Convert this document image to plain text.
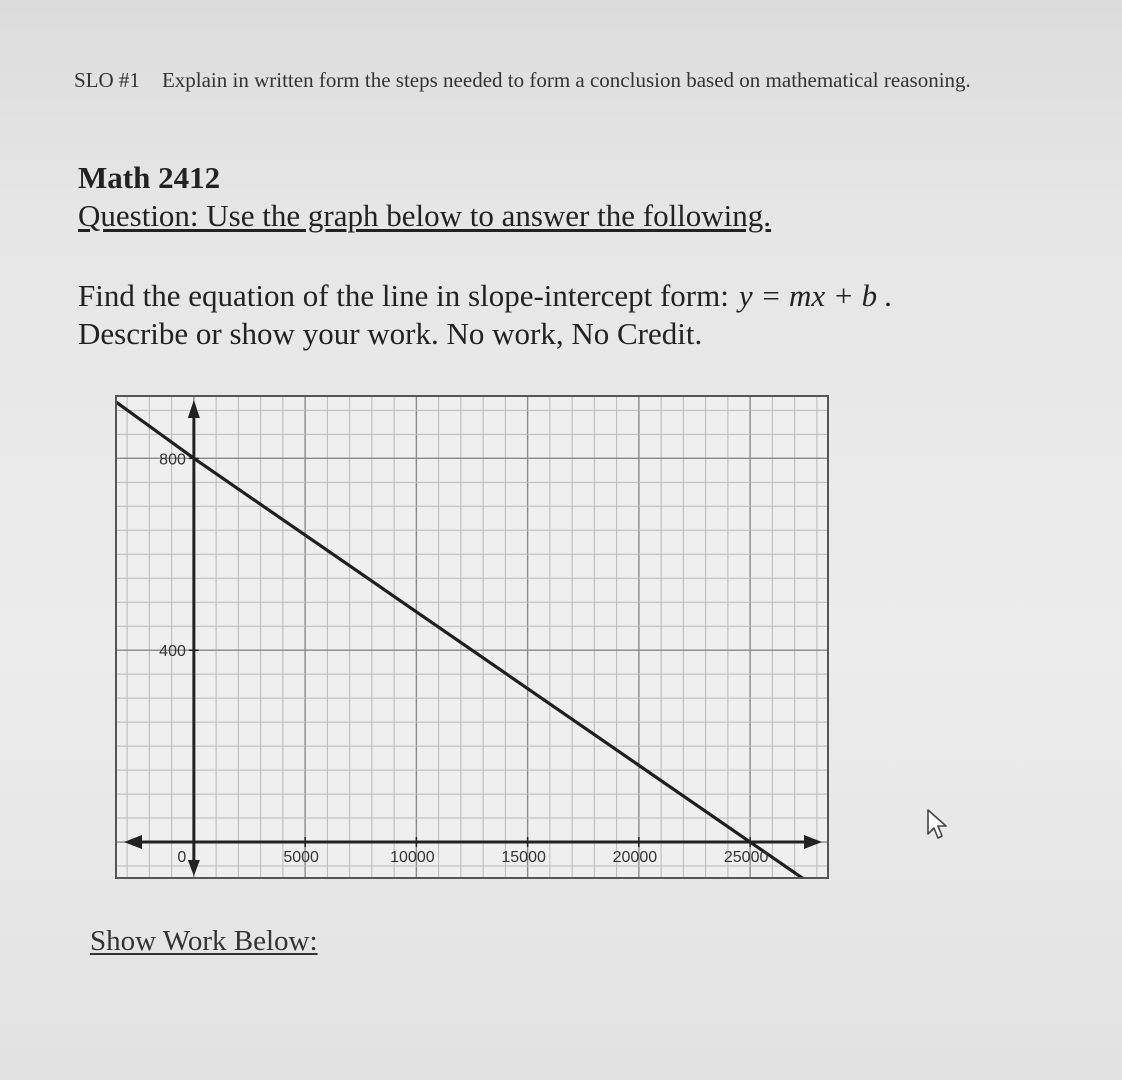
SLO #1 Explain in written form the steps needed to form a conclusion based on mathematical reasoning.
Math 2412
Question: Use the graph below to answer the following.
Find the equation of the line in slope-intercept form: y = mx + b .
Describe or show your work. No work, No Credit.
0	5000	10000	15000	20000	25000
400
800
Show Work Below:
